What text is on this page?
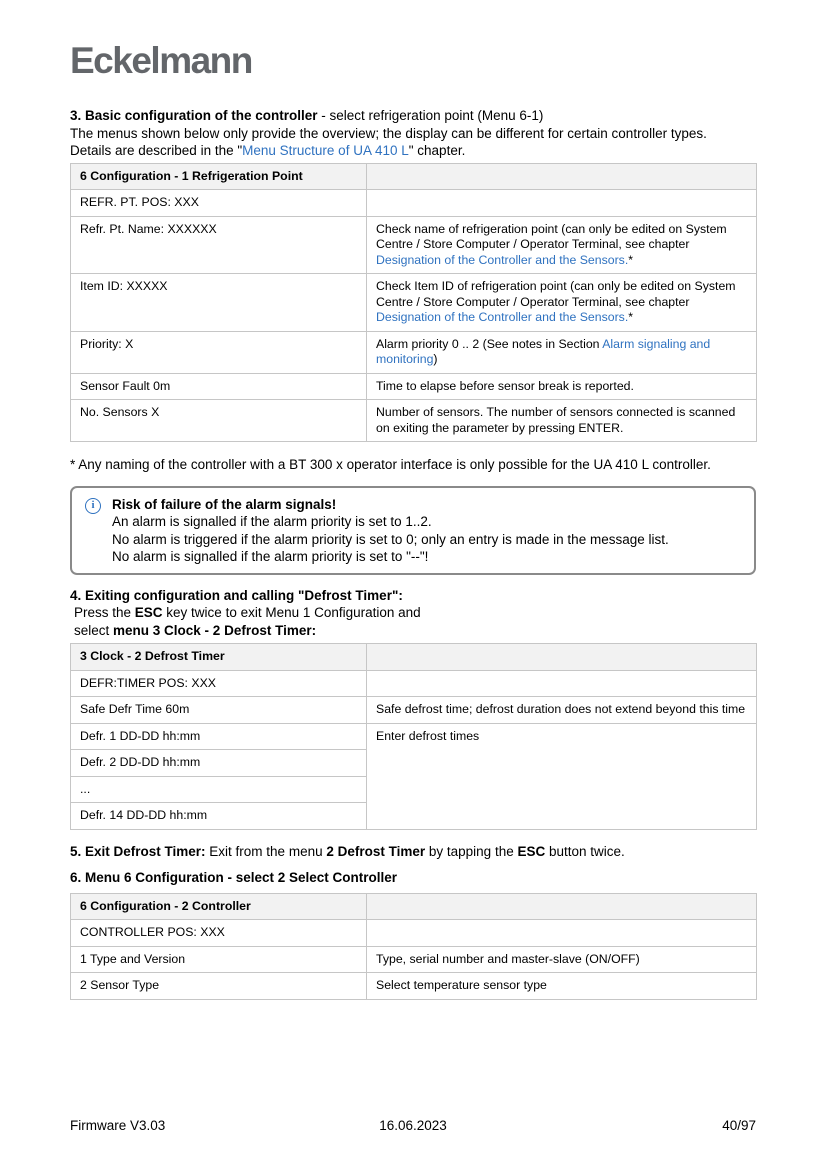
Eckelmann
3. Basic configuration of the controller - select refrigeration point (Menu 6-1)
The menus shown below only provide the overview; the display can be different for certain controller types.
Details are described in the "Menu Structure of UA 410 L" chapter.
6 Configuration - 1 Refrigeration Point	
REFR. PT. POS: XXX	
Refr. Pt. Name: XXXXXX	Check name of refrigeration point (can only be edited on System Centre / Store Computer / Operator Terminal, see chapter Designation of the Controller and the Sensors.*
Item ID: XXXXX	Check Item ID of refrigeration point (can only be edited on System Centre / Store Computer / Operator Terminal, see chapter Designation of the Controller and the Sensors.*
Priority: X	Alarm priority 0 .. 2 (See notes in Section Alarm signaling and monitoring)
Sensor Fault 0m	Time to elapse before sensor break is reported.
No. Sensors X	Number of sensors. The number of sensors connected is scanned on exiting the parameter by pressing ENTER.
* Any naming of the controller with a BT 300 x operator interface is only possible for the UA 410 L controller.
i	Risk of failure of the alarm signals!
An alarm is signalled if the alarm priority is set to 1..2.
No alarm is triggered if the alarm priority is set to 0; only an entry is made in the message list.
No alarm is signalled if the alarm priority is set to "--"!
4. Exiting configuration and calling "Defrost Timer":
Press the ESC key twice to exit Menu 1 Configuration and
select menu 3 Clock - 2 Defrost Timer:
3 Clock - 2 Defrost Timer	
DEFR:TIMER POS: XXX	
Safe Defr Time 60m	Safe defrost time; defrost duration does not extend beyond this time
Defr. 1 DD-DD hh:mm	Enter defrost times
Defr. 2 DD-DD hh:mm	
...	
Defr. 14 DD-DD hh:mm	
5. Exit Defrost Timer: Exit from the menu 2 Defrost Timer by tapping the ESC button twice.
6. Menu 6 Configuration - select 2 Select Controller
6 Configuration - 2 Controller	
CONTROLLER POS: XXX	
1 Type and Version	Type, serial number and master-slave (ON/OFF)
2 Sensor Type	Select temperature sensor type
Firmware V3.03	16.06.2023	40/97
